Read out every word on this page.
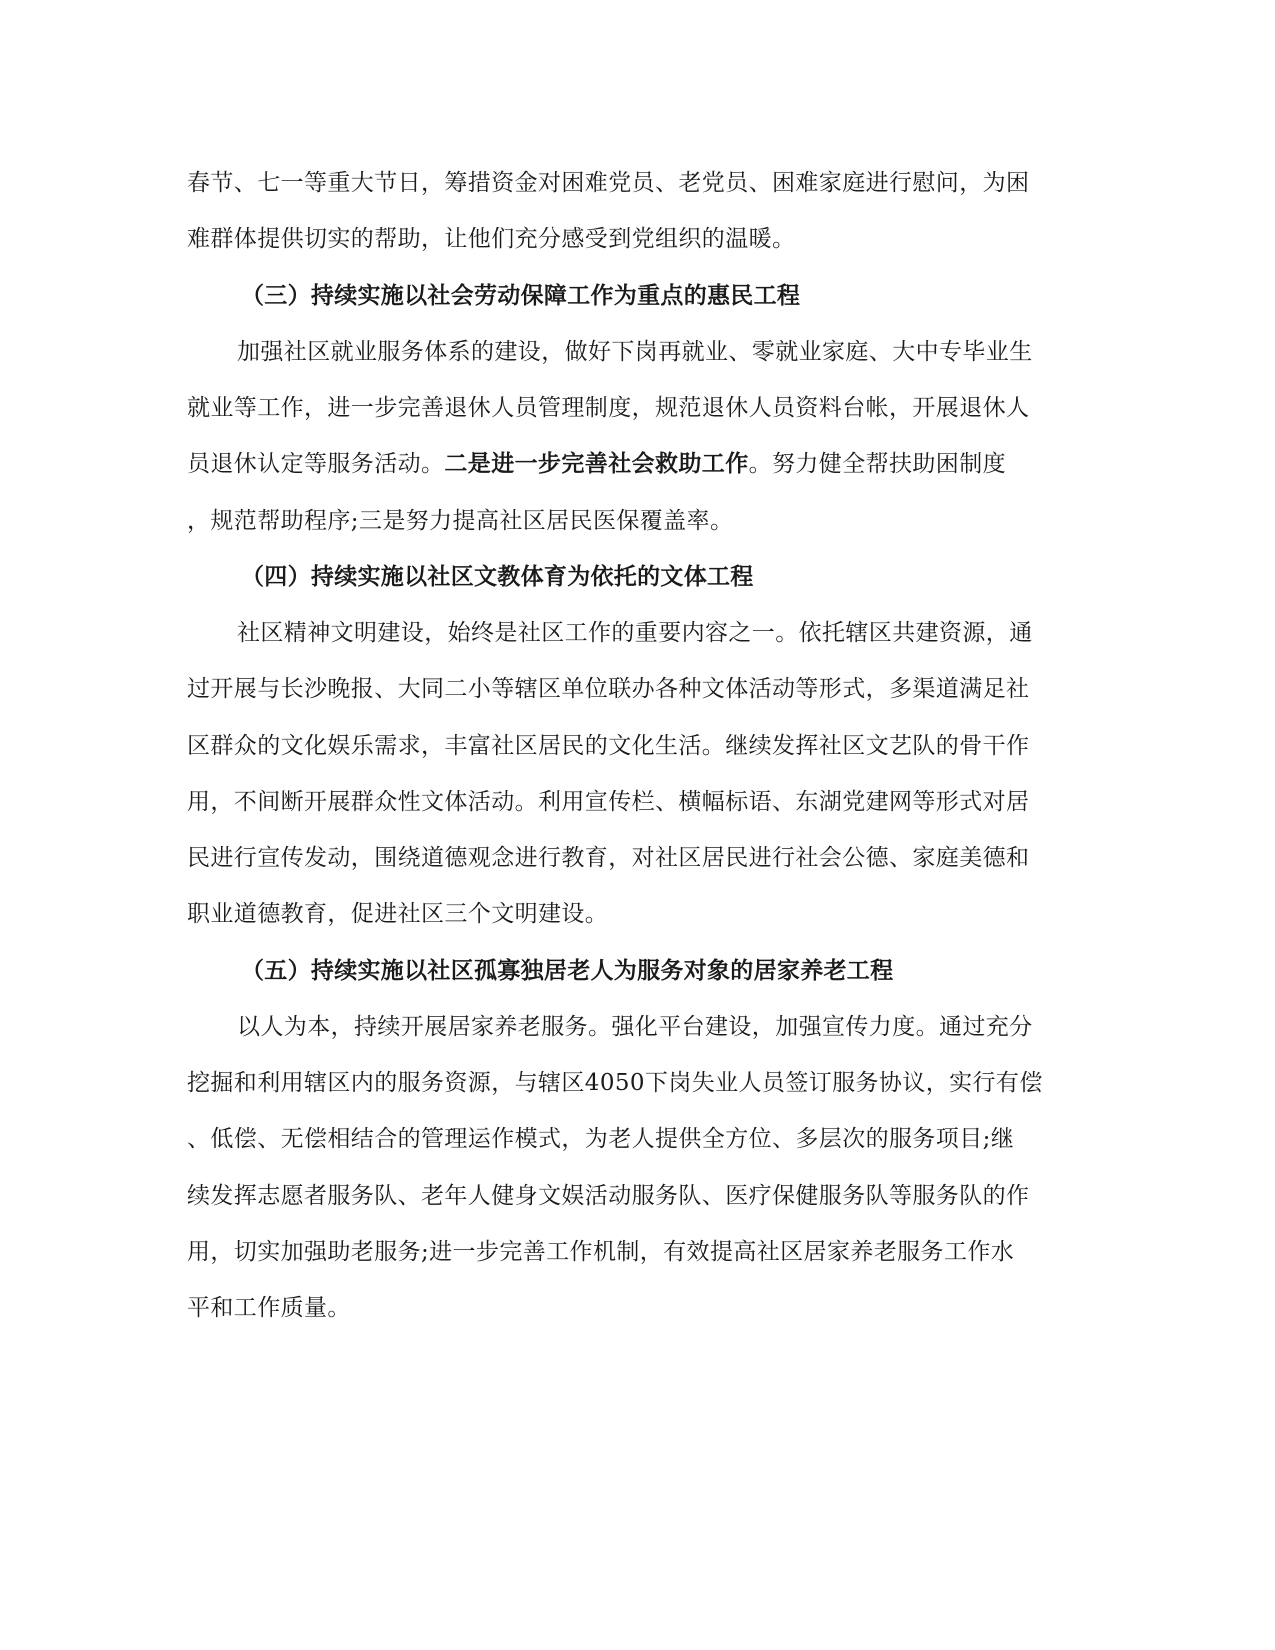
春节、七一等重大节日，筹措资金对困难党员、老党员、困难家庭进行慰问，为困
难群体提供切实的帮助，让他们充分感受到党组织的温暖。
（三）持续实施以社会劳动保障工作为重点的惠民工程
加强社区就业服务体系的建设，做好下岗再就业、零就业家庭、大中专毕业生
就业等工作，进一步完善退休人员管理制度，规范退休人员资料台帐，开展退休人
员退休认定等服务活动。二是进一步完善社会救助工作。努力健全帮扶助困制度
，规范帮助程序;三是努力提高社区居民医保覆盖率。
（四）持续实施以社区文教体育为依托的文体工程
社区精神文明建设，始终是社区工作的重要内容之一。依托辖区共建资源，通
过开展与长沙晚报、大同二小等辖区单位联办各种文体活动等形式，多渠道满足社
区群众的文化娱乐需求，丰富社区居民的文化生活。继续发挥社区文艺队的骨干作
用，不间断开展群众性文体活动。利用宣传栏、横幅标语、东湖党建网等形式对居
民进行宣传发动，围绕道德观念进行教育，对社区居民进行社会公德、家庭美德和
职业道德教育，促进社区三个文明建设。
（五）持续实施以社区孤寡独居老人为服务对象的居家养老工程
以人为本，持续开展居家养老服务。强化平台建设，加强宣传力度。通过充分
挖掘和利用辖区内的服务资源，与辖区4050下岗失业人员签订服务协议，实行有偿
、低偿、无偿相结合的管理运作模式，为老人提供全方位、多层次的服务项目;继
续发挥志愿者服务队、老年人健身文娱活动服务队、医疗保健服务队等服务队的作
用，切实加强助老服务;进一步完善工作机制，有效提高社区居家养老服务工作水
平和工作质量。
